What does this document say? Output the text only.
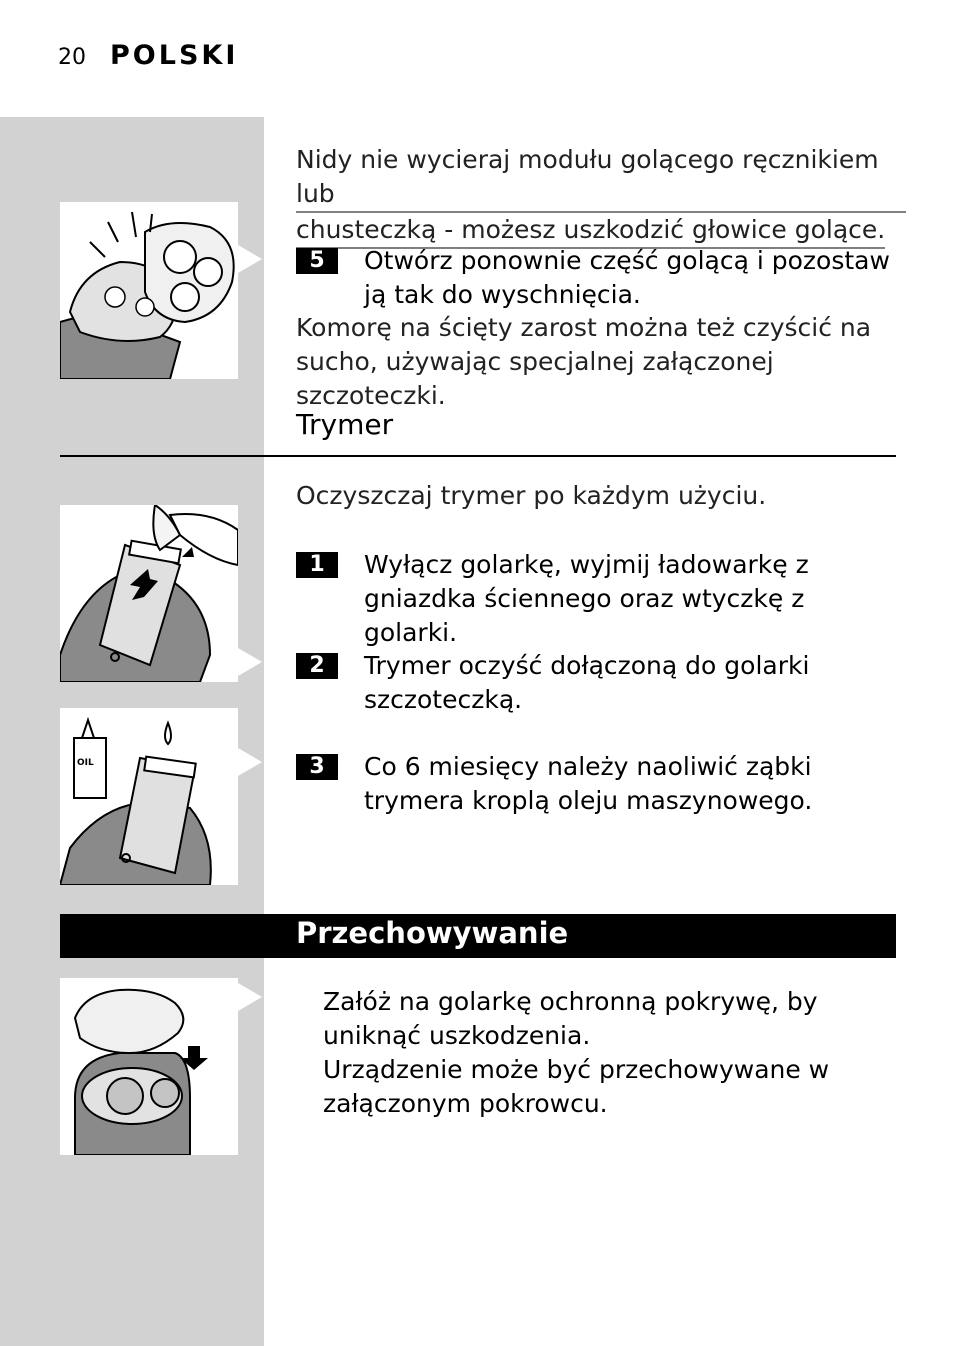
20 POLSKI
Nidy nie wycieraj modułu golącego ręcznikiem lub
chusteczką - możesz uszkodzić głowice golące.
5	Otwórz ponownie część golącą i pozostaw ją tak do wyschnięcia.
Komorę na ścięty zarost można też czyścić na sucho, używając specjalnej załączonej szczoteczki.
Trymer
Oczyszczaj trymer po każdym użyciu.
1	Wyłącz golarkę, wyjmij ładowarkę z gniazdka ściennego oraz wtyczkę z golarki.
2	Trymer oczyść dołączoną do golarki szczoteczką.
OIL	3	Co 6 miesięcy należy naoliwić ząbki trymera kroplą oleju maszynowego.
Przechowywanie
Załóż na golarkę ochronną pokrywę, by
uniknąć uszkodzenia.
Urządzenie może być przechowywane w
załączonym pokrowcu.
